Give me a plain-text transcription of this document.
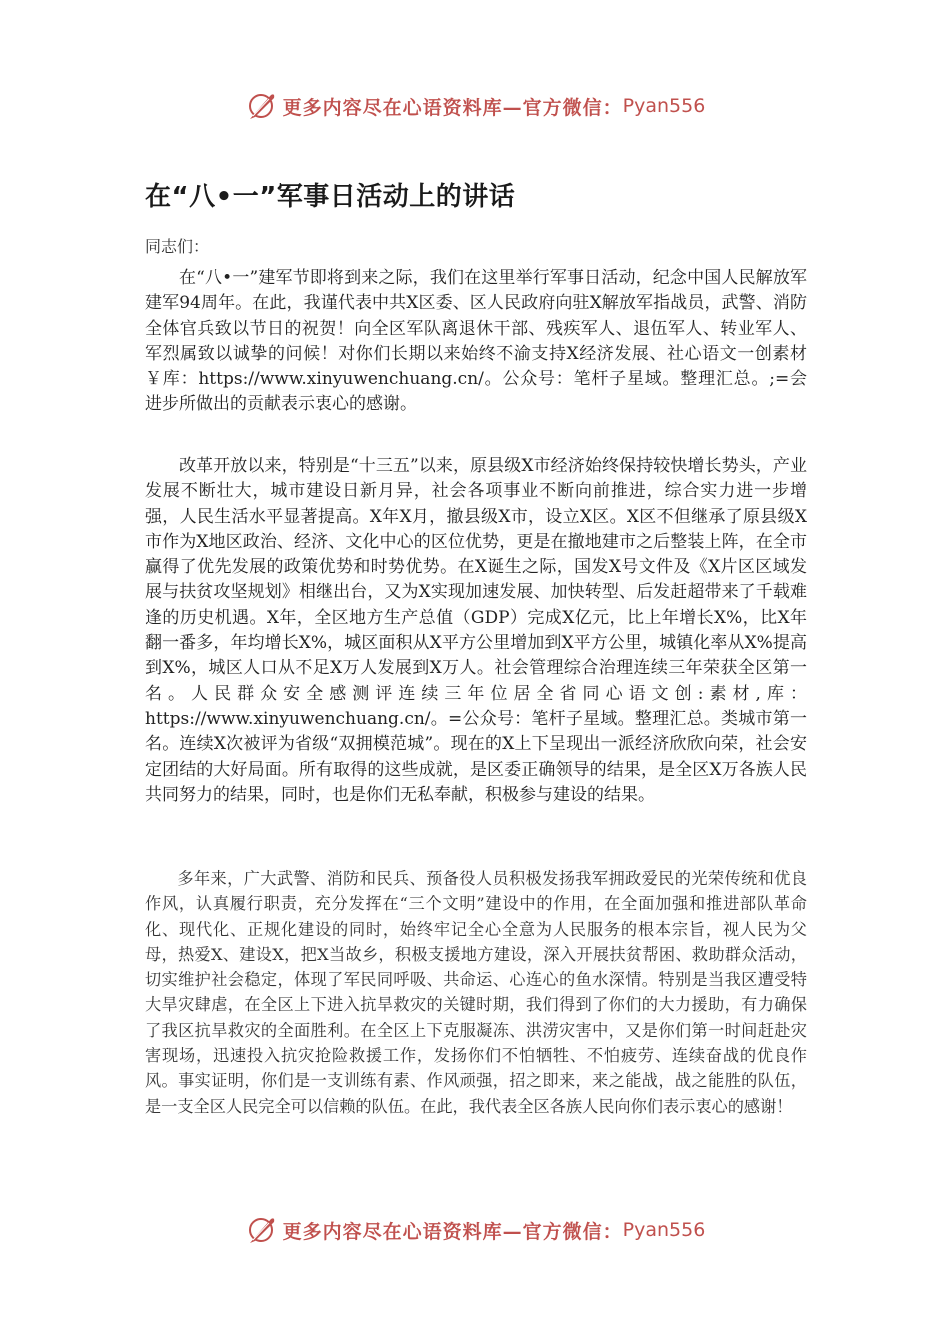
更多内容尽在心语资料库—官方微信： Pyan556
在“八•一”军事日活动上的讲话
同志们：

在“八•一”建军节即将到来之际，我们在这里举行军事日活动，纪念中国人民解放军建军94周年。在此，我谨代表中共X区委、区人民政府向驻X解放军指战员，武警、消防全体官兵致以节日的祝贺！向全区军队离退休干部、残疾军人、退伍军人、转业军人、军烈属致以诚挚的问候！对你们长期以来始终不渝支持X经济发展、社心语文一创素材￥库：https://www.xinyuwenchuang.cn/。公众号：笔杆子星域。整理汇总。;=会进步所做出的贡献表示衷心的感谢。

改革开放以来，特别是“十三五”以来，原县级X市经济始终保持较快增长势头，产业发展不断壮大，城市建设日新月异，社会各项事业不断向前推进，综合实力进一步增强，人民生活水平显著提高。X年X月，撤县级X市，设立X区。X区不但继承了原县级X市作为X地区政治、经济、文化中心的区位优势，更是在撤地建市之后整装上阵，在全市赢得了优先发展的政策优势和时势优势。在X诞生之际，国发X号文件及《X片区区域发展与扶贫攻坚规划》相继出台，又为X实现加速发展、加快转型、后发赶超带来了千载难逢的历史机遇。X年，全区地方生产总值（GDP）完成X亿元，比上年增长X%，比X年翻一番多，年均增长X%，城区面积从X平方公里增加到X平方公里，城镇化率从X%提高到X%，城区人口从不足X万人发展到X万人。社会管理综合治理连续三年荣获全区第一名。人民群众安全感测评连续三年位居全省同心语文创:素材,库：https://www.xinyuwenchuang.cn/。=公众号：笔杆子星域。整理汇总。类城市第一名。连续X次被评为省级“双拥模范城”。现在的X上下呈现出一派经济欣欣向荣，社会安定团结的大好局面。所有取得的这些成就，是区委正确领导的结果，是全区X万各族人民共同努力的结果，同时，也是你们无私奉献，积极参与建设的结果。

多年来，广大武警、消防和民兵、预备役人员积极发扬我军拥政爱民的光荣传统和优良作风，认真履行职责，充分发挥在“三个文明”建设中的作用，在全面加强和推进部队革命化、现代化、正规化建设的同时，始终牢记全心全意为人民服务的根本宗旨，视人民为父母，热爱X、建设X，把X当故乡，积极支援地方建设，深入开展扶贫帮困、救助群众活动，切实维护社会稳定，体现了军民同呼吸、共命运、心连心的鱼水深情。特别是当我区遭受特大旱灾肆虐，在全区上下进入抗旱救灾的关键时期，我们得到了你们的大力援助，有力确保了我区抗旱救灾的全面胜利。在全区上下克服凝冻、洪涝灾害中，又是你们第一时间赶赴灾害现场，迅速投入抗灾抢险救援工作，发扬你们不怕牺牲、不怕疲劳、连续奋战的优良作风。事实证明，你们是一支训练有素、作风顽强，招之即来，来之能战，战之能胜的队伍，是一支全区人民完全可以信赖的队伍。在此，我代表全区各族人民向你们表示衷心的感谢！

更多内容尽在心语资料库—官方微信： Pyan556
